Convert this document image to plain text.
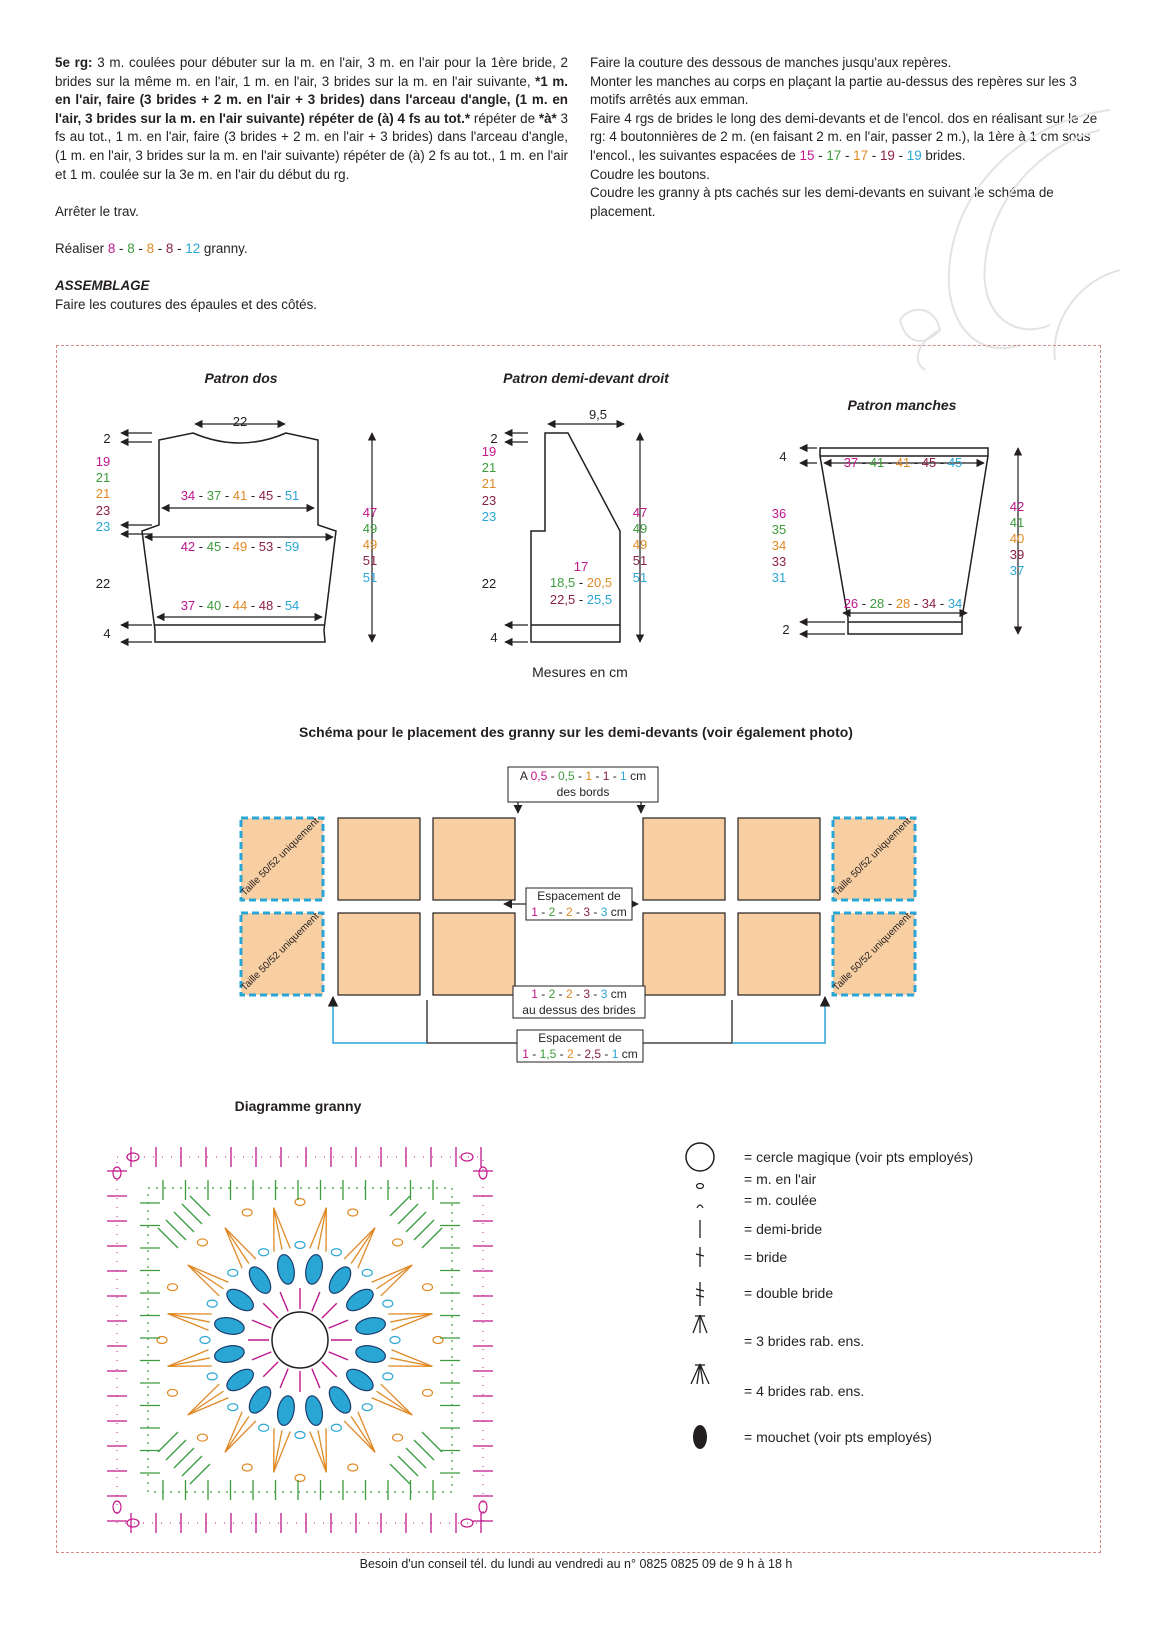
5e rg: 3 m. coulées pour débuter sur la m. en l'air, 3 m. en l'air pour la 1ère bride, 2 brides sur la même m. en l'air, 1 m. en l'air, 3 brides sur la m. en l'air suivante, *1 m. en l'air, faire (3 brides + 2 m. en l'air + 3 brides) dans l'arceau d'angle, (1 m. en l'air, 3 brides sur la m. en l'air suivante) répéter de (à) 4 fs au tot.* répéter de *à* 3 fs au tot., 1 m. en l'air, faire (3 brides + 2 m. en l'air + 3 brides) dans l'arceau d'angle, (1 m. en l'air, 3 brides sur la m. en l'air suivante) répéter de (à) 2 fs au tot., 1 m. en l'air et 1 m. coulée sur la 3e m. en l'air du début du rg.

Arrêter le trav.

Réaliser 8 - 8 - 8 - 8 - 12 granny.

ASSEMBLAGE

Faire les coutures des épaules et des côtés.

Faire la couture des dessous de manches jusqu'aux repères.

Monter les manches au corps en plaçant la partie au-dessus des repères sur les 3 motifs arrêtés aux emman.

Faire 4 rgs de brides le long des demi-devants et de l'encol. dos en réalisant sur le 2e rg: 4 boutonnières de 2 m. (en faisant 2 m. en l'air, passer 2 m.), la 1ère à 1 cm sous l'encol., les suivantes espacées de 15 - 17 - 17 - 19 - 19 brides.

Coudre les boutons.

Coudre les granny à pts cachés sur les demi-devants en suivant le schéma de placement.

Patron dos
22
2
19
21
21
23
23
22
4
34 - 37 - 41 - 45 - 51
42 - 45 - 49 - 53 - 59
37 - 40 - 44 - 48 - 54
47
49
49
51
51
Patron demi-devant droit
9,5
2
19
21
21
23
23
22
4
17
18,5 - 20,5
22,5 - 25,5
47
49
49
51
51
Mesures en cm
Patron manches
4	37 - 41 - 41 - 45 - 45
36
35
34
33
31
42
41
40
39
37
26 - 28 - 28 - 34 - 34
2
Schéma pour le placement des granny sur les demi-devants (voir également photo)
Taille 50/52 uniquement
Taille 50/52 uniquement
Taille 50/52 uniquement
Taille 50/52 uniquement
A 0,5 - 0,5 - 1 - 1 - 1 cm
des bords
Espacement de
1 - 2 - 2 - 3 - 3 cm
1 - 2 - 2 - 3 - 3 cm
au dessus des brides
Espacement de
1 - 1,5 - 2 - 2,5 - 1 cm
Diagramme granny
= cercle magique (voir pts employés)
= m. en l'air
= m. coulée
= demi-bride
= bride
= double bride
= 3 brides rab. ens.
= 4 brides rab. ens.
= mouchet (voir pts employés)
Besoin d'un conseil tél. du lundi au vendredi au n° 0825 0825 09 de 9 h à 18 h
